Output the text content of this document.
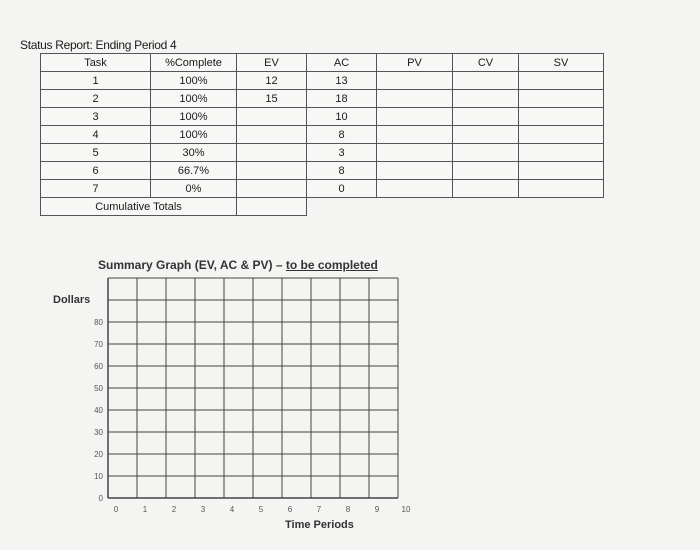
Status Report: Ending Period 4
Task	%Complete	EV	AC	PV	CV	SV
1	100%	12	13			
2	100%	15	18			
3	100%		10			
4	100%		8			
5	30%		3			
6	66.7%		8			
7	0%		0			
Cumulative Totals						
Summary Graph (EV, AC & PV) – to be completed
Dollars
Time Periods
0
10
20
30
40
50
60
70
80
0	1	2	3	4	5	6	7	8	9	10
